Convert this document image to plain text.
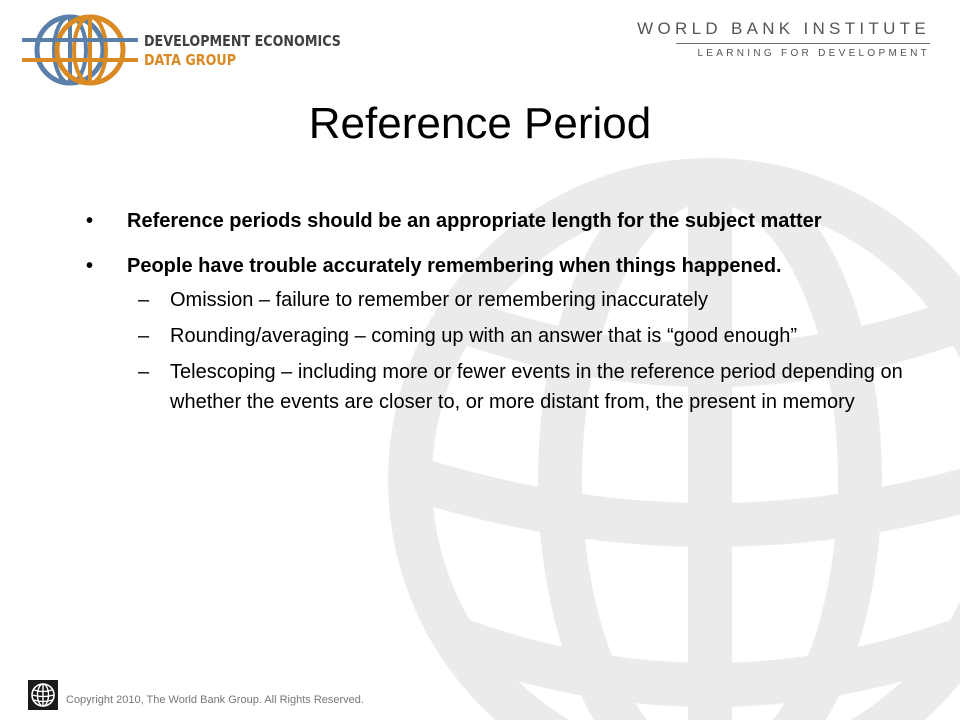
DEVELOPMENT ECONOMICS
DATA GROUP
WORLD BANK INSTITUTE
LEARNING FOR DEVELOPMENT
Reference Period
• Reference periods should be an appropriate length for the subject matter
• People have trouble accurately remembering when things happened.
– Omission – failure to remember or remembering inaccurately
– Rounding/averaging – coming up with an answer that is “good enough”
– Telescoping – including more or fewer events in the reference period depending on whether the events are closer to, or more distant from, the present in memory
Copyright 2010, The World Bank Group. All Rights Reserved.
